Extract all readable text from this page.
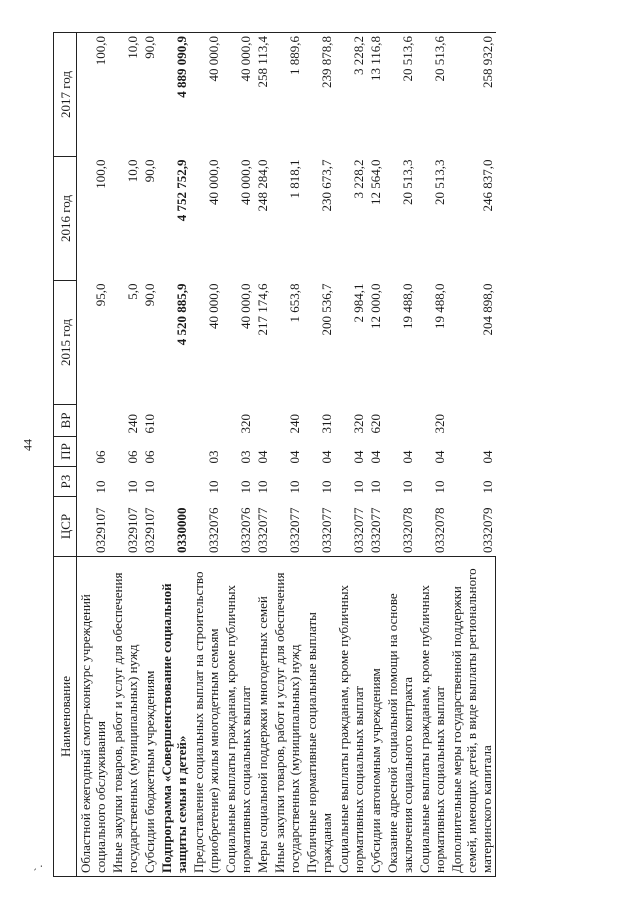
44
`.
Наименование	ЦСР	РЗ	ПР	ВР	2015 год	2016 год	2017 год
Областной ежегодный смотр-конкурс учреждений социального обслуживания	0329107	10	06		95,0	100,0	100,0
Иные закупки товаров, работ и услуг для обеспечения государственных (муниципальных) нужд	0329107	10	06	240	5,0	10,0	10,0
Субсидии бюджетным учреждениям	0329107	10	06	610	90,0	90,0	90,0
Подпрограмма «Совершенствование социальной защиты семьи и детей»	0330000				4 520 885,9	4 752 752,9	4 889 090,9
Предоставление социальных выплат на строительство (приобретение) жилья многодетным семьям	0332076	10	03		40 000,0	40 000,0	40 000,0
Социальные выплаты гражданам, кроме публичных нормативных социальных выплат	0332076	10	03	320	40 000,0	40 000,0	40 000,0
Меры социальной поддержки многодетных семей	0332077	10	04		217 174,6	248 284,0	258 113,4
Иные закупки товаров, работ и услуг для обеспечения государственных (муниципальных) нужд	0332077	10	04	240	1 653,8	1 818,1	1 889,6
Публичные нормативные социальные выплаты гражданам	0332077	10	04	310	200 536,7	230 673,7	239 878,8
Социальные выплаты гражданам, кроме публичных нормативных социальных выплат	0332077	10	04	320	2 984,1	3 228,2	3 228,2
Субсидии автономным учреждениям	0332077	10	04	620	12 000,0	12 564,0	13 116,8
Оказание адресной социальной помощи на основе заключения социального контракта	0332078	10	04		19 488,0	20 513,3	20 513,6
Социальные выплаты гражданам, кроме публичных нормативных социальных выплат	0332078	10	04	320	19 488,0	20 513,3	20 513,6
Дополнительные меры государственной поддержки семей, имеющих детей, в виде выплаты регионального материнского капитала	0332079	10	04		204 898,0	246 837,0	258 932,0
